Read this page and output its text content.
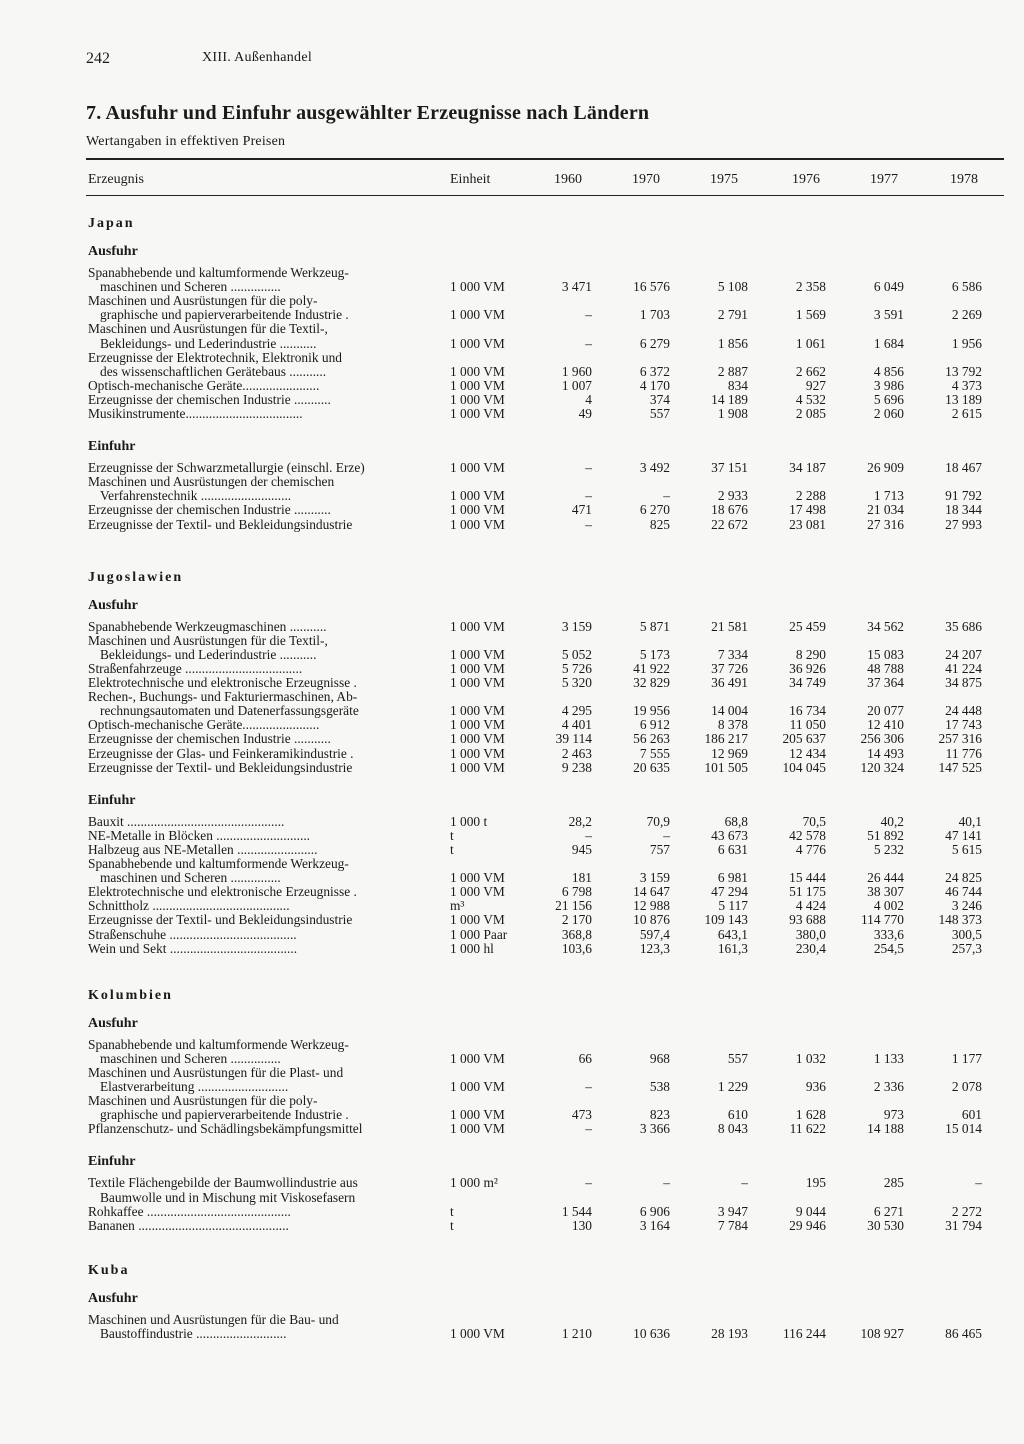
242	XIII. Außenhandel
7. Ausfuhr und Einfuhr ausgewählter Erzeugnisse nach Ländern
Wertangaben in effektiven Preisen
Erzeugnis	Einheit	1960	1970	1975	1976	1977	1978
Japan
Ausfuhr
Spanabhebende und kaltumformende Werkzeug-
maschinen und Scheren ...............	1 000 VM	3 471	16 576	5 108	2 358	6 049	6 586
Maschinen und Ausrüstungen für die poly-
graphische und papierverarbeitende Industrie .	1 000 VM	–	1 703	2 791	1 569	3 591	2 269
Maschinen und Ausrüstungen für die Textil-,
Bekleidungs- und Lederindustrie ...........	1 000 VM	–	6 279	1 856	1 061	1 684	1 956
Erzeugnisse der Elektrotechnik, Elektronik und
des wissenschaftlichen Gerätebaus ...........	1 000 VM	1 960	6 372	2 887	2 662	4 856	13 792
Optisch-mechanische Geräte.......................	1 000 VM	1 007	4 170	834	927	3 986	4 373
Erzeugnisse der chemischen Industrie ...........	1 000 VM	4	374	14 189	4 532	5 696	13 189
Musikinstrumente...................................	1 000 VM	49	557	1 908	2 085	2 060	2 615
Einfuhr
Erzeugnisse der Schwarzmetallurgie (einschl. Erze)	1 000 VM	–	3 492	37 151	34 187	26 909	18 467
Maschinen und Ausrüstungen der chemischen
Verfahrenstechnik ...........................	1 000 VM	–	–	2 933	2 288	1 713	91 792
Erzeugnisse der chemischen Industrie ...........	1 000 VM	471	6 270	18 676	17 498	21 034	18 344
Erzeugnisse der Textil- und Bekleidungsindustrie	1 000 VM	–	825	22 672	23 081	27 316	27 993
Jugoslawien
Ausfuhr
Spanabhebende Werkzeugmaschinen ...........	1 000 VM	3 159	5 871	21 581	25 459	34 562	35 686
Maschinen und Ausrüstungen für die Textil-,
Bekleidungs- und Lederindustrie ...........	1 000 VM	5 052	5 173	7 334	8 290	15 083	24 207
Straßenfahrzeuge ...................................	1 000 VM	5 726	41 922	37 726	36 926	48 788	41 224
Elektrotechnische und elektronische Erzeugnisse .	1 000 VM	5 320	32 829	36 491	34 749	37 364	34 875
Rechen-, Buchungs- und Fakturiermaschinen, Ab-
rechnungsautomaten und Datenerfassungsgeräte	1 000 VM	4 295	19 956	14 004	16 734	20 077	24 448
Optisch-mechanische Geräte.......................	1 000 VM	4 401	6 912	8 378	11 050	12 410	17 743
Erzeugnisse der chemischen Industrie ...........	1 000 VM	39 114	56 263	186 217	205 637	256 306	257 316
Erzeugnisse der Glas- und Feinkeramikindustrie .	1 000 VM	2 463	7 555	12 969	12 434	14 493	11 776
Erzeugnisse der Textil- und Bekleidungsindustrie	1 000 VM	9 238	20 635	101 505	104 045	120 324	147 525
Einfuhr
Bauxit ...............................................	1 000 t	28,2	70,9	68,8	70,5	40,2	40,1
NE-Metalle in Blöcken ............................	t	–	–	43 673	42 578	51 892	47 141
Halbzeug aus NE-Metallen ........................	t	945	757	6 631	4 776	5 232	5 615
Spanabhebende und kaltumformende Werkzeug-
maschinen und Scheren ...............	1 000 VM	181	3 159	6 981	15 444	26 444	24 825
Elektrotechnische und elektronische Erzeugnisse .	1 000 VM	6 798	14 647	47 294	51 175	38 307	46 744
Schnittholz .........................................	m³	21 156	12 988	5 117	4 424	4 002	3 246
Erzeugnisse der Textil- und Bekleidungsindustrie	1 000 VM	2 170	10 876	109 143	93 688	114 770	148 373
Straßenschuhe ......................................	1 000 Paar	368,8	597,4	643,1	380,0	333,6	300,5
Wein und Sekt ......................................	1 000 hl	103,6	123,3	161,3	230,4	254,5	257,3
Kolumbien
Ausfuhr
Spanabhebende und kaltumformende Werkzeug-
maschinen und Scheren ...............	1 000 VM	66	968	557	1 032	1 133	1 177
Maschinen und Ausrüstungen für die Plast- und
Elastverarbeitung ...........................	1 000 VM	–	538	1 229	936	2 336	2 078
Maschinen und Ausrüstungen für die poly-
graphische und papierverarbeitende Industrie .	1 000 VM	473	823	610	1 628	973	601
Pflanzenschutz- und Schädlingsbekämpfungsmittel	1 000 VM	–	3 366	8 043	11 622	14 188	15 014
Einfuhr
Textile Flächengebilde der Baumwollindustrie aus	1 000 m²	–	–	–	195	285	–
Baumwolle und in Mischung mit Viskosefasern
Rohkaffee ...........................................	t	1 544	6 906	3 947	9 044	6 271	2 272
Bananen .............................................	t	130	3 164	7 784	29 946	30 530	31 794
Kuba
Ausfuhr
Maschinen und Ausrüstungen für die Bau- und
Baustoffindustrie ...........................	1 000 VM	1 210	10 636	28 193	116 244	108 927	86 465
